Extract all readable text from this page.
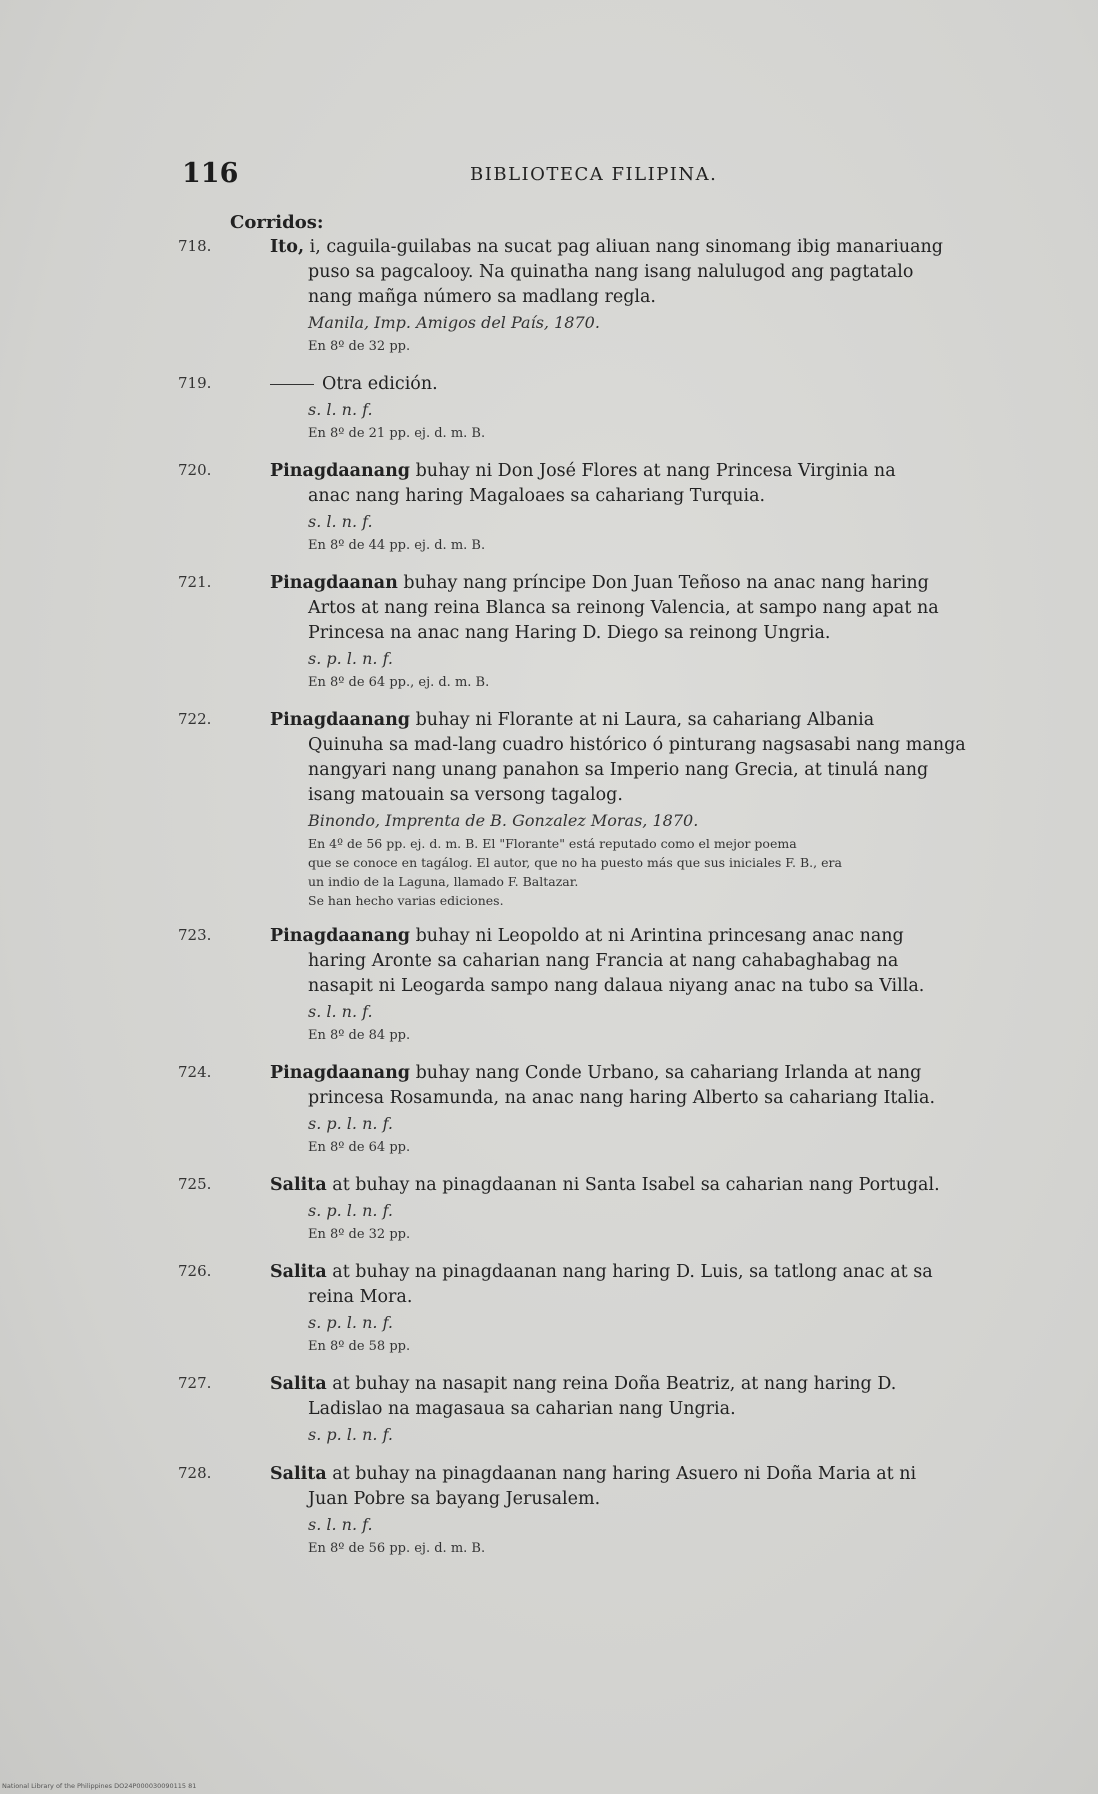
116	BIBLIOTECA FILIPINA.
Corridos:
718.	Ito, i, caguila-guilabas na sucat pag aliuan nang sinomang ibig manariuang
puso sa pagcalooy. Na quinatha nang isang nalulugod ang pagtatalo
nang mañga número sa madlang regla.
Manila, Imp. Amigos del País, 1870.
En 8º de 32 pp.
719.	Otra edición.
s. l. n. f.
En 8º de 21 pp. ej. d. m. B.
720.	Pinagdaanang buhay ni Don José Flores at nang Princesa Virginia na
anac nang haring Magaloaes sa cahariang Turquia.
s. l. n. f.
En 8º de 44 pp. ej. d. m. B.
721.	Pinagdaanan buhay nang príncipe Don Juan Teñoso na anac nang haring
Artos at nang reina Blanca sa reinong Valencia, at sampo nang apat na
Princesa na anac nang Haring D. Diego sa reinong Ungria.
s. p. l. n. f.
En 8º de 64 pp., ej. d. m. B.
722.	Pinagdaanang buhay ni Florante at ni Laura, sa cahariang Albania
Quinuha sa mad-lang cuadro histórico ó pinturang nagsasabi nang manga
nangyari nang unang panahon sa Imperio nang Grecia, at tinulá nang
isang matouain sa versong tagalog.
Binondo, Imprenta de B. Gonzalez Moras, 1870.
En 4º de 56 pp. ej. d. m. B. El "Florante" está reputado como el mejor poema
que se conoce en tagálog. El autor, que no ha puesto más que sus iniciales F. B., era
un indio de la Laguna, llamado F. Baltazar.
Se han hecho varias ediciones.
723.	Pinagdaanang buhay ni Leopoldo at ni Arintina princesang anac nang
haring Aronte sa caharian nang Francia at nang cahabaghabag na
nasapit ni Leogarda sampo nang dalaua niyang anac na tubo sa Villa.
s. l. n. f.
En 8º de 84 pp.
724.	Pinagdaanang buhay nang Conde Urbano, sa cahariang Irlanda at nang
princesa Rosamunda, na anac nang haring Alberto sa cahariang Italia.
s. p. l. n. f.
En 8º de 64 pp.
725.	Salita at buhay na pinagdaanan ni Santa Isabel sa caharian nang Portugal.
s. p. l. n. f.
En 8º de 32 pp.
726.	Salita at buhay na pinagdaanan nang haring D. Luis, sa tatlong anac at sa
reina Mora.
s. p. l. n. f.
En 8º de 58 pp.
727.	Salita at buhay na nasapit nang reina Doña Beatriz, at nang haring D.
Ladislao na magasaua sa caharian nang Ungria.
s. p. l. n. f.
728.	Salita at buhay na pinagdaanan nang haring Asuero ni Doña Maria at ni
Juan Pobre sa bayang Jerusalem.
s. l. n. f.
En 8º de 56 pp. ej. d. m. B.
National Library of the Philippines DO24P000030090115 81
